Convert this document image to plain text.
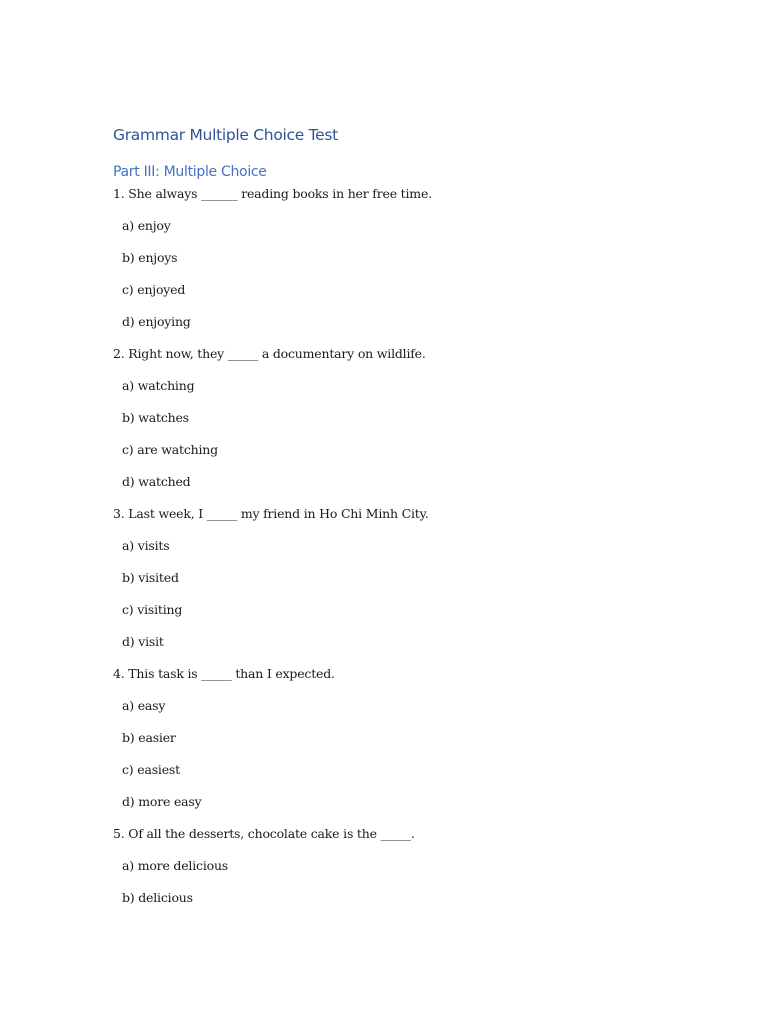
Grammar Multiple Choice Test
Part III: Multiple Choice
1. She always ______ reading books in her free time.
a) enjoy
b) enjoys
c) enjoyed
d) enjoying
2. Right now, they _____ a documentary on wildlife.
a) watching
b) watches
c) are watching
d) watched
3. Last week, I _____ my friend in Ho Chi Minh City.
a) visits
b) visited
c) visiting
d) visit
4. This task is _____ than I expected.
a) easy
b) easier
c) easiest
d) more easy
5. Of all the desserts, chocolate cake is the _____.
a) more delicious
b) delicious
